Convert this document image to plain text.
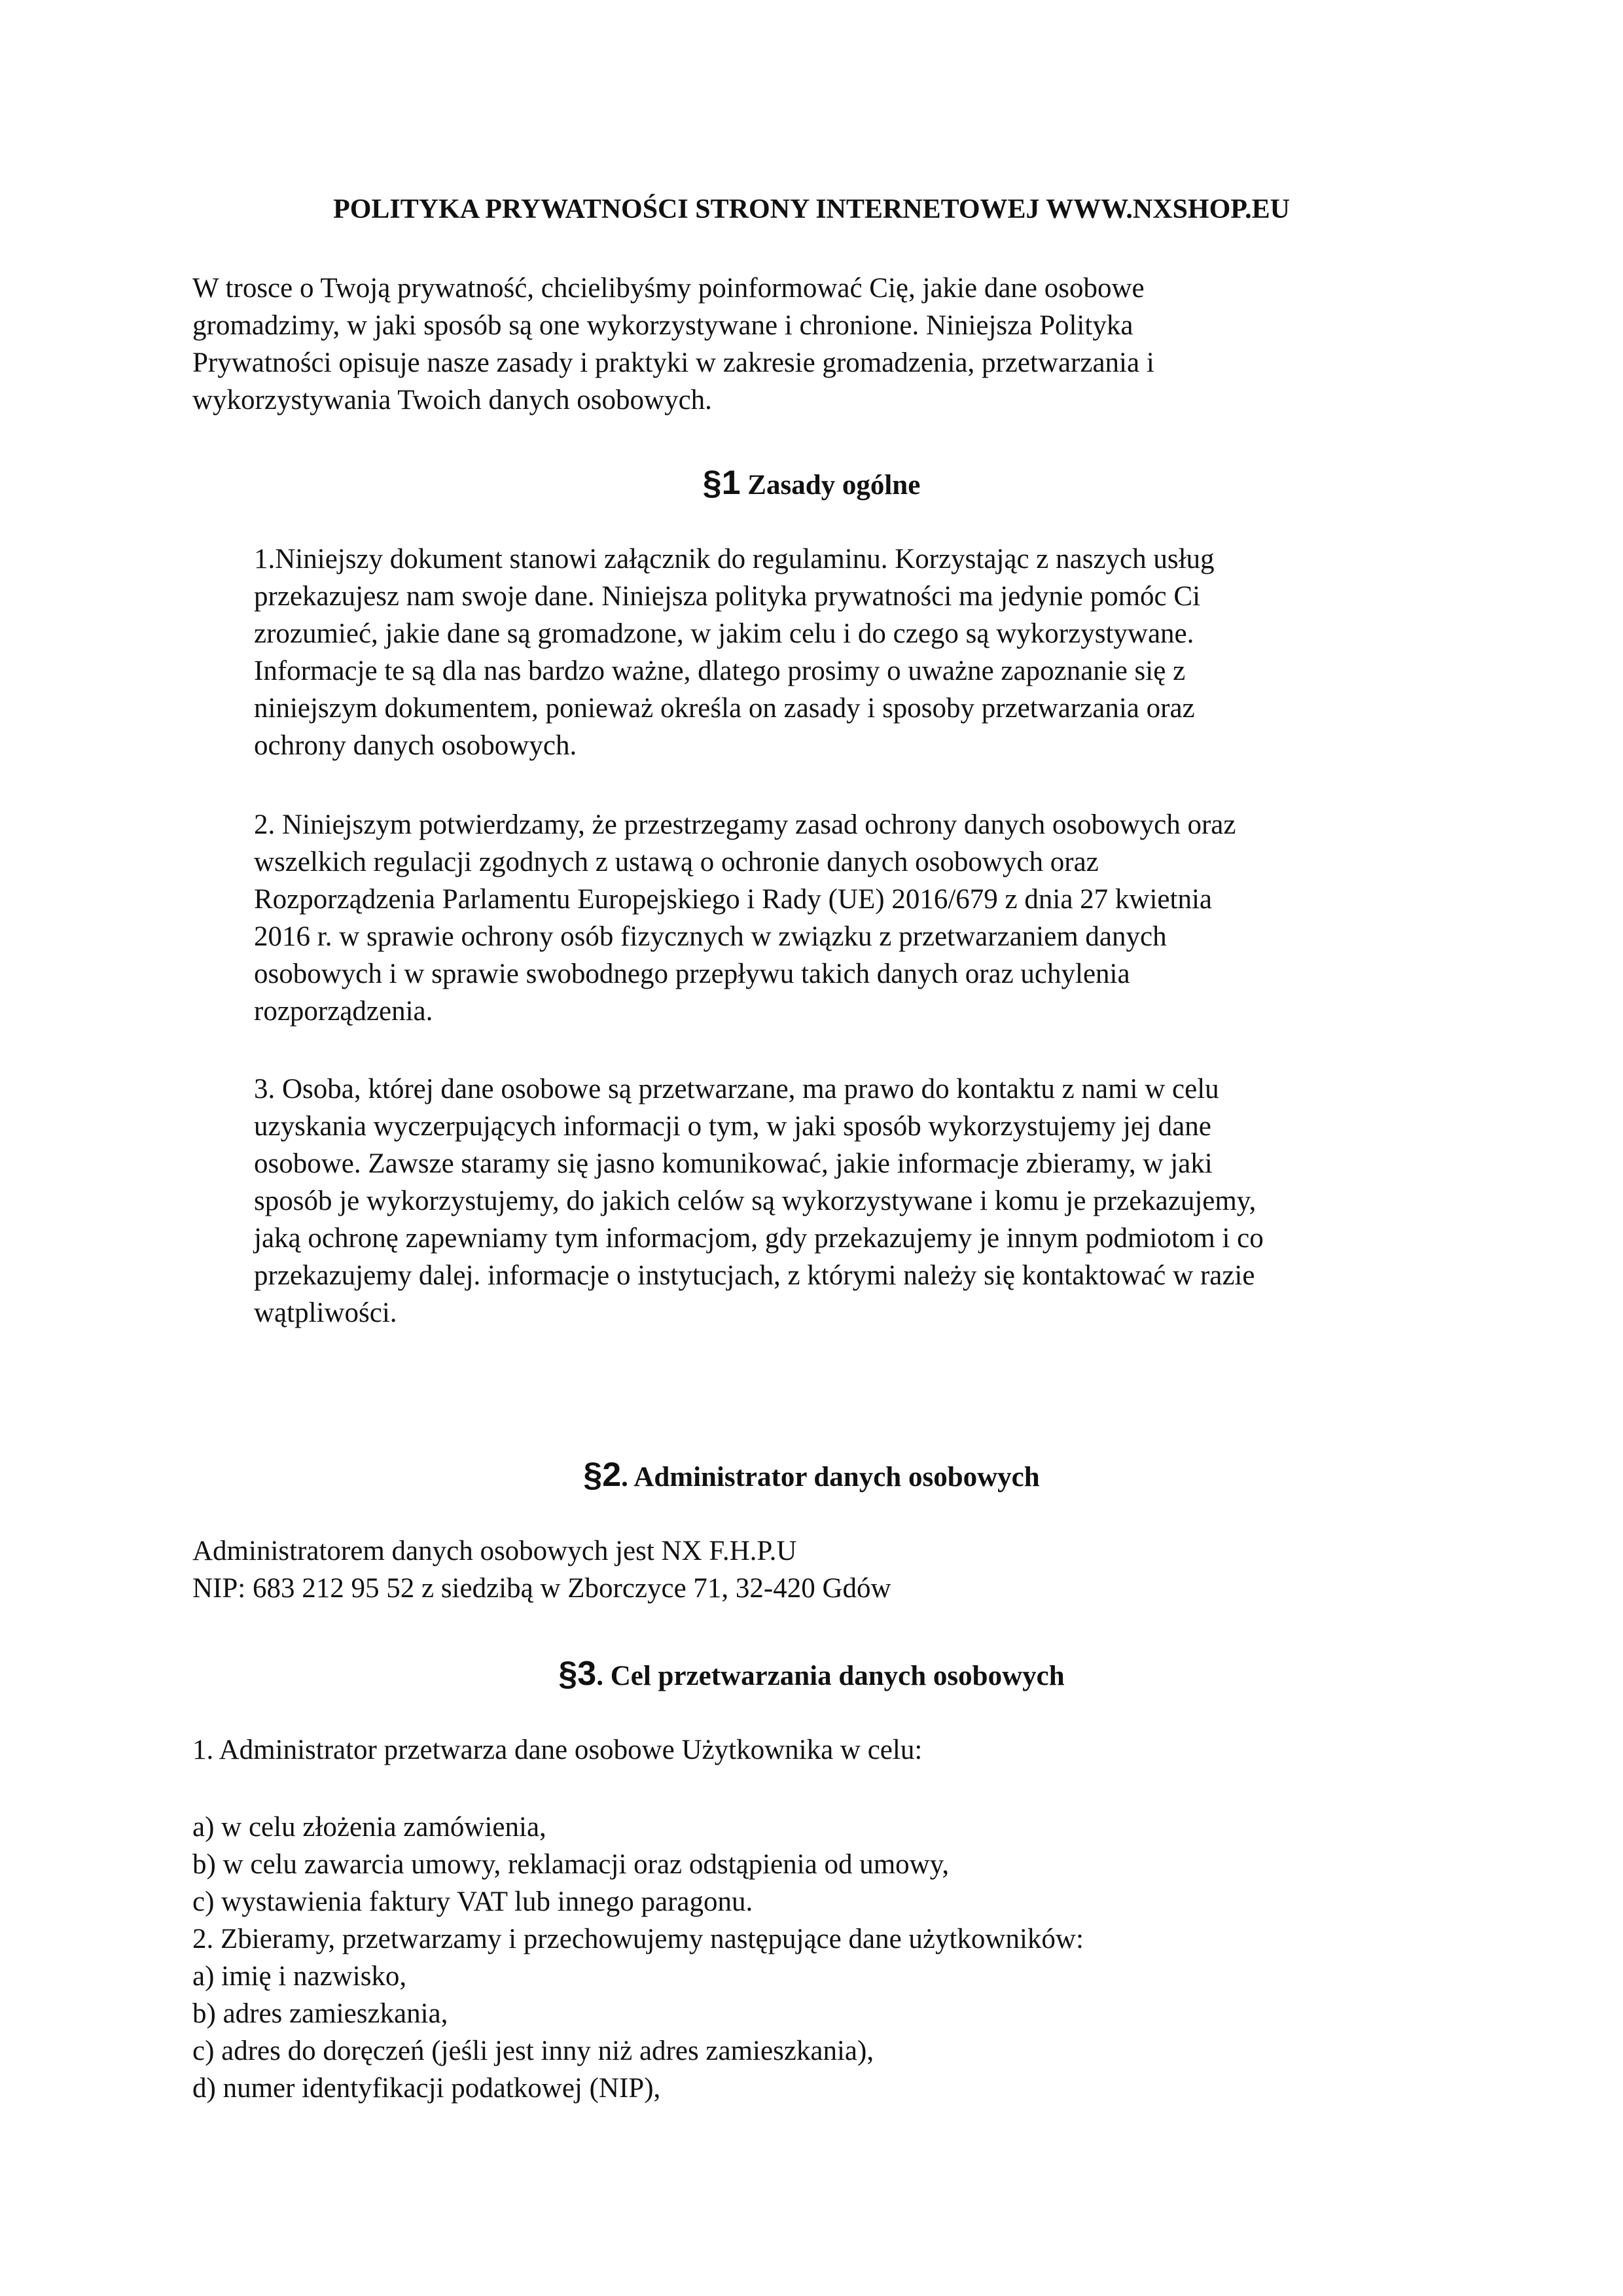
POLITYKA PRYWATNOŚCI STRONY INTERNETOWEJ WWW.NXSHOP.EU

W trosce o Twoją prywatność, chcielibyśmy poinformować Cię, jakie dane osobowe
gromadzimy, w jaki sposób są one wykorzystywane i chronione. Niniejsza Polityka
Prywatności opisuje nasze zasady i praktyki w zakresie gromadzenia, przetwarzania i
wykorzystywania Twoich danych osobowych.

§1 Zasady ogólne

1.Niniejszy dokument stanowi załącznik do regulaminu. Korzystając z naszych usług
przekazujesz nam swoje dane. Niniejsza polityka prywatności ma jedynie pomóc Ci
zrozumieć, jakie dane są gromadzone, w jakim celu i do czego są wykorzystywane.
Informacje te są dla nas bardzo ważne, dlatego prosimy o uważne zapoznanie się z
niniejszym dokumentem, ponieważ określa on zasady i sposoby przetwarzania oraz
ochrony danych osobowych.

2. Niniejszym potwierdzamy, że przestrzegamy zasad ochrony danych osobowych oraz
wszelkich regulacji zgodnych z ustawą o ochronie danych osobowych oraz
Rozporządzenia Parlamentu Europejskiego i Rady (UE) 2016/679 z dnia 27 kwietnia
2016 r. w sprawie ochrony osób fizycznych w związku z przetwarzaniem danych
osobowych i w sprawie swobodnego przepływu takich danych oraz uchylenia
rozporządzenia.

3. Osoba, której dane osobowe są przetwarzane, ma prawo do kontaktu z nami w celu
uzyskania wyczerpujących informacji o tym, w jaki sposób wykorzystujemy jej dane
osobowe. Zawsze staramy się jasno komunikować, jakie informacje zbieramy, w jaki
sposób je wykorzystujemy, do jakich celów są wykorzystywane i komu je przekazujemy,
jaką ochronę zapewniamy tym informacjom, gdy przekazujemy je innym podmiotom i co
przekazujemy dalej. informacje o instytucjach, z którymi należy się kontaktować w razie
wątpliwości.

§2. Administrator danych osobowych

Administratorem danych osobowych jest NX F.H.P.U
NIP: 683 212 95 52 z siedzibą w Zborczyce 71, 32-420 Gdów

§3. Cel przetwarzania danych osobowych

1. Administrator przetwarza dane osobowe Użytkownika w celu:

a) w celu złożenia zamówienia,
b) w celu zawarcia umowy, reklamacji oraz odstąpienia od umowy,
c) wystawienia faktury VAT lub innego paragonu.
2. Zbieramy, przetwarzamy i przechowujemy następujące dane użytkowników:
a) imię i nazwisko,
b) adres zamieszkania,
c) adres do doręczeń (jeśli jest inny niż adres zamieszkania),
d) numer identyfikacji podatkowej (NIP),
